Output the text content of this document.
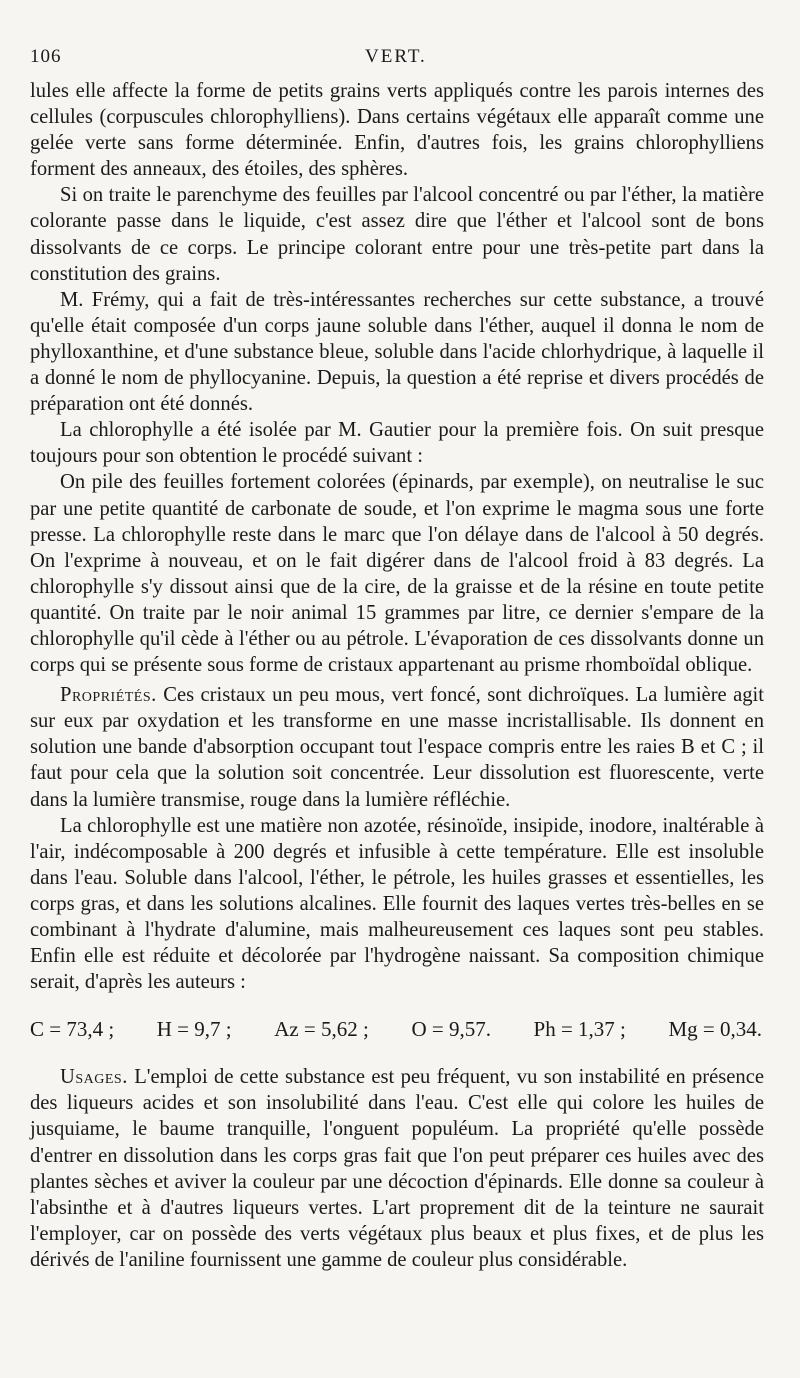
106	VERT.

lules elle affecte la forme de petits grains verts appliqués contre les parois internes des cellules (corpuscules chlorophylliens). Dans certains végétaux elle apparaît comme une gelée verte sans forme déterminée. Enfin, d'autres fois, les grains chlorophylliens forment des anneaux, des étoiles, des sphères.

Si on traite le parenchyme des feuilles par l'alcool concentré ou par l'éther, la matière colorante passe dans le liquide, c'est assez dire que l'éther et l'alcool sont de bons dissolvants de ce corps. Le principe colorant entre pour une très-petite part dans la constitution des grains.

M. Frémy, qui a fait de très-intéressantes recherches sur cette substance, a trouvé qu'elle était composée d'un corps jaune soluble dans l'éther, auquel il donna le nom de phylloxanthine, et d'une substance bleue, soluble dans l'acide chlorhydrique, à laquelle il a donné le nom de phyllocyanine. Depuis, la question a été reprise et divers procédés de préparation ont été donnés.

La chlorophylle a été isolée par M. Gautier pour la première fois. On suit presque toujours pour son obtention le procédé suivant :

On pile des feuilles fortement colorées (épinards, par exemple), on neutralise le suc par une petite quantité de carbonate de soude, et l'on exprime le magma sous une forte presse. La chlorophylle reste dans le marc que l'on délaye dans de l'alcool à 50 degrés. On l'exprime à nouveau, et on le fait digérer dans de l'alcool froid à 83 degrés. La chlorophylle s'y dissout ainsi que de la cire, de la graisse et de la résine en toute petite quantité. On traite par le noir animal 15 grammes par litre, ce dernier s'empare de la chlorophylle qu'il cède à l'éther ou au pétrole. L'évaporation de ces dissolvants donne un corps qui se présente sous forme de cristaux appartenant au prisme rhomboïdal oblique.

Propriétés. Ces cristaux un peu mous, vert foncé, sont dichroïques. La lumière agit sur eux par oxydation et les transforme en une masse incristallisable. Ils donnent en solution une bande d'absorption occupant tout l'espace compris entre les raies B et C ; il faut pour cela que la solution soit concentrée. Leur dissolution est fluorescente, verte dans la lumière transmise, rouge dans la lumière réfléchie.

La chlorophylle est une matière non azotée, résinoïde, insipide, inodore, inaltérable à l'air, indécomposable à 200 degrés et infusible à cette température. Elle est insoluble dans l'eau. Soluble dans l'alcool, l'éther, le pétrole, les huiles grasses et essentielles, les corps gras, et dans les solutions alcalines. Elle fournit des laques vertes très-belles en se combinant à l'hydrate d'alumine, mais malheureusement ces laques sont peu stables. Enfin elle est réduite et décolorée par l'hydrogène naissant. Sa composition chimique serait, d'après les auteurs :

C = 73,4 ; H = 9,7 ; Az = 5,62 ; O = 9,57. Ph = 1,37 ; Mg = 0,34.

Usages. L'emploi de cette substance est peu fréquent, vu son instabilité en présence des liqueurs acides et son insolubilité dans l'eau. C'est elle qui colore les huiles de jusquiame, le baume tranquille, l'onguent populéum. La propriété qu'elle possède d'entrer en dissolution dans les corps gras fait que l'on peut préparer ces huiles avec des plantes sèches et aviver la couleur par une décoction d'épinards. Elle donne sa couleur à l'absinthe et à d'autres liqueurs vertes. L'art proprement dit de la teinture ne saurait l'employer, car on possède des verts végétaux plus beaux et plus fixes, et de plus les dérivés de l'aniline fournissent une gamme de couleur plus considérable.
